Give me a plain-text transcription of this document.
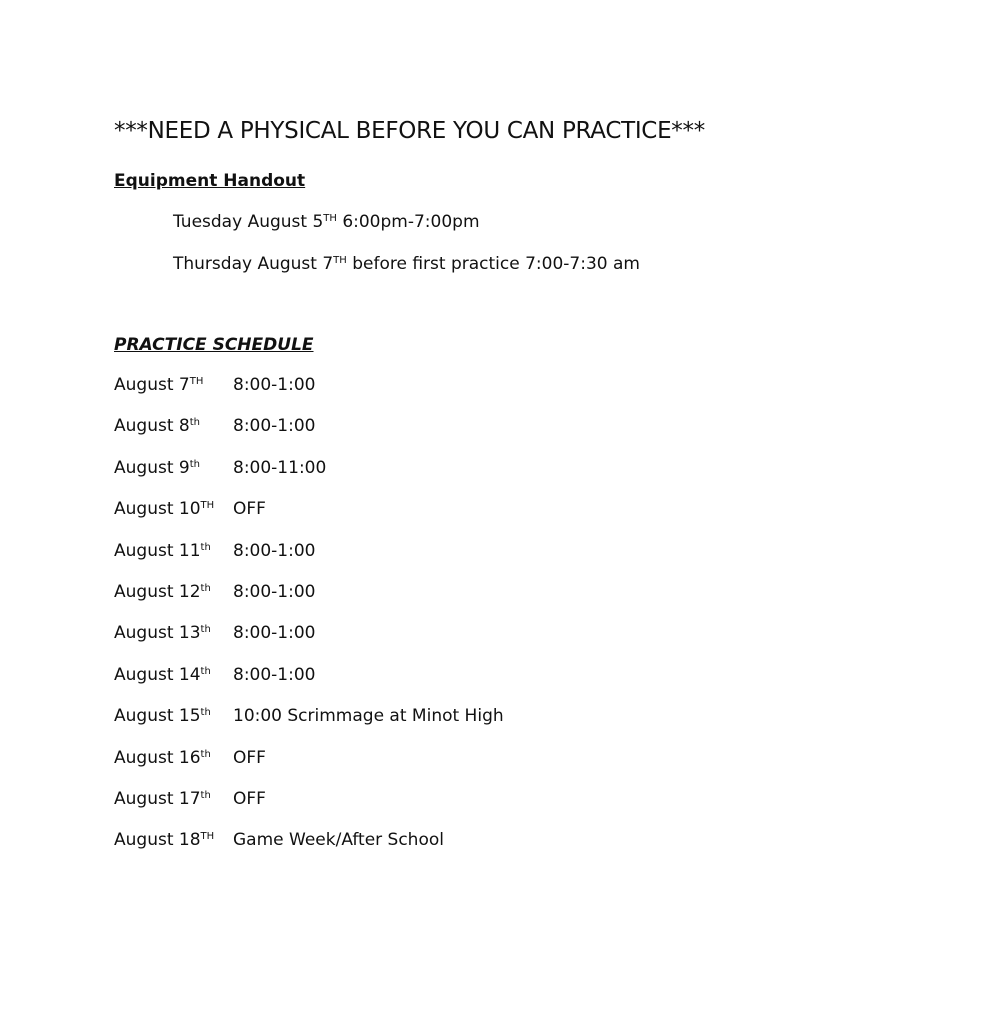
***NEED A PHYSICAL BEFORE YOU CAN PRACTICE***
Equipment Handout
Tuesday August 5TH 6:00pm-7:00pm
Thursday August 7TH before first practice 7:00-7:30 am
PRACTICE SCHEDULE
August 7TH	8:00-1:00
August 8th	8:00-1:00
August 9th	8:00-11:00
August 10TH	OFF
August 11th	8:00-1:00
August 12th	8:00-1:00
August 13th	8:00-1:00
August 14th	8:00-1:00
August 15th	10:00 Scrimmage at Minot High
August 16th	OFF
August 17th	OFF
August 18TH	Game Week/After School
